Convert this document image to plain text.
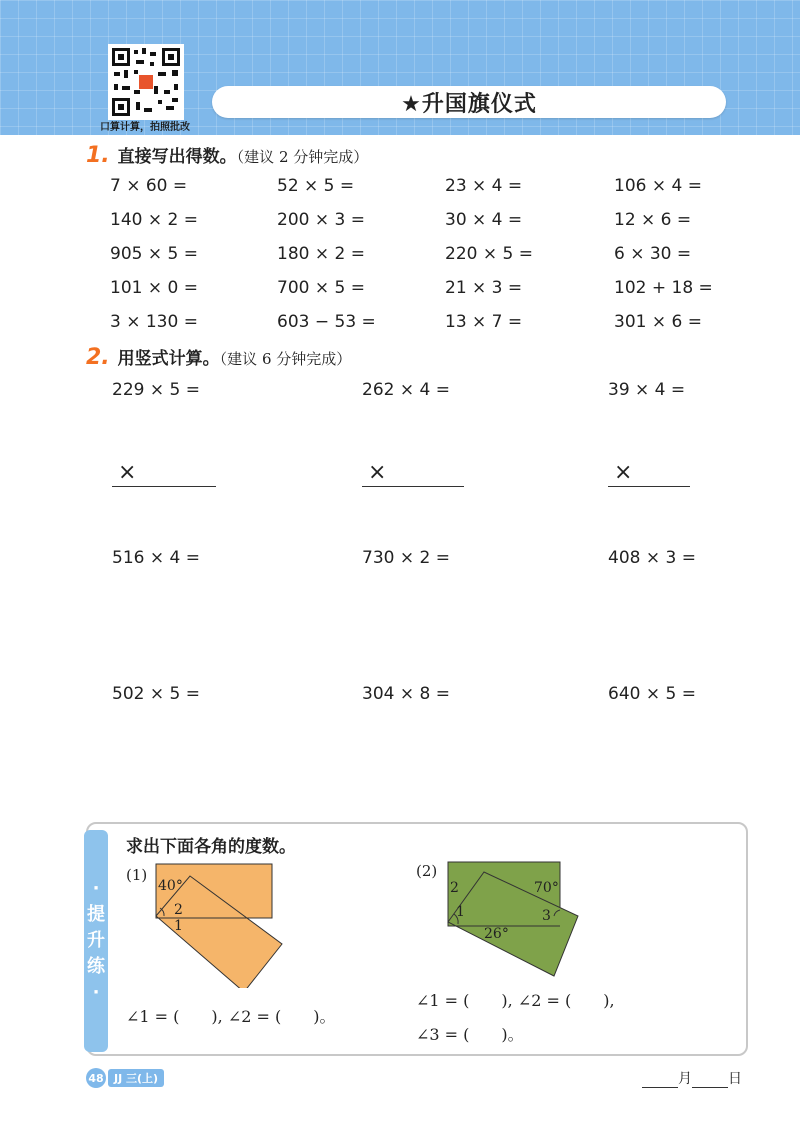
口算计算，拍照批改
★升国旗仪式
1. 直接写出得数。（建议 2 分钟完成）
7 × 60 =	52 × 5 =	23 × 4 =	106 × 4 =
140 × 2 =	200 × 3 =	30 × 4 =	12 × 6 =
905 × 5 =	180 × 2 =	220 × 5 =	6 × 30 =
101 × 0 =	700 × 5 =	21 × 3 =	102 + 18 =
3 × 130 =	603 − 53 =	13 × 7 =	301 × 6 =
2. 用竖式计算。（建议 6 分钟完成）
229 × 5 =	262 × 4 =	39 × 4 =
×	×	×
516 × 4 =	730 × 2 =	408 × 3 =
502 × 5 =	304 × 8 =	640 × 5 =
·
提
升
练
·
求出下面各角的度数。
(1)
40°
2
1
∠1 = (　　), ∠2 = (　　)。
(2)
2	70°
1	3
26°
∠1 = (　　), ∠2 = (　　),
∠3 = (　　)。
48 JJ 三(上)	月	日
